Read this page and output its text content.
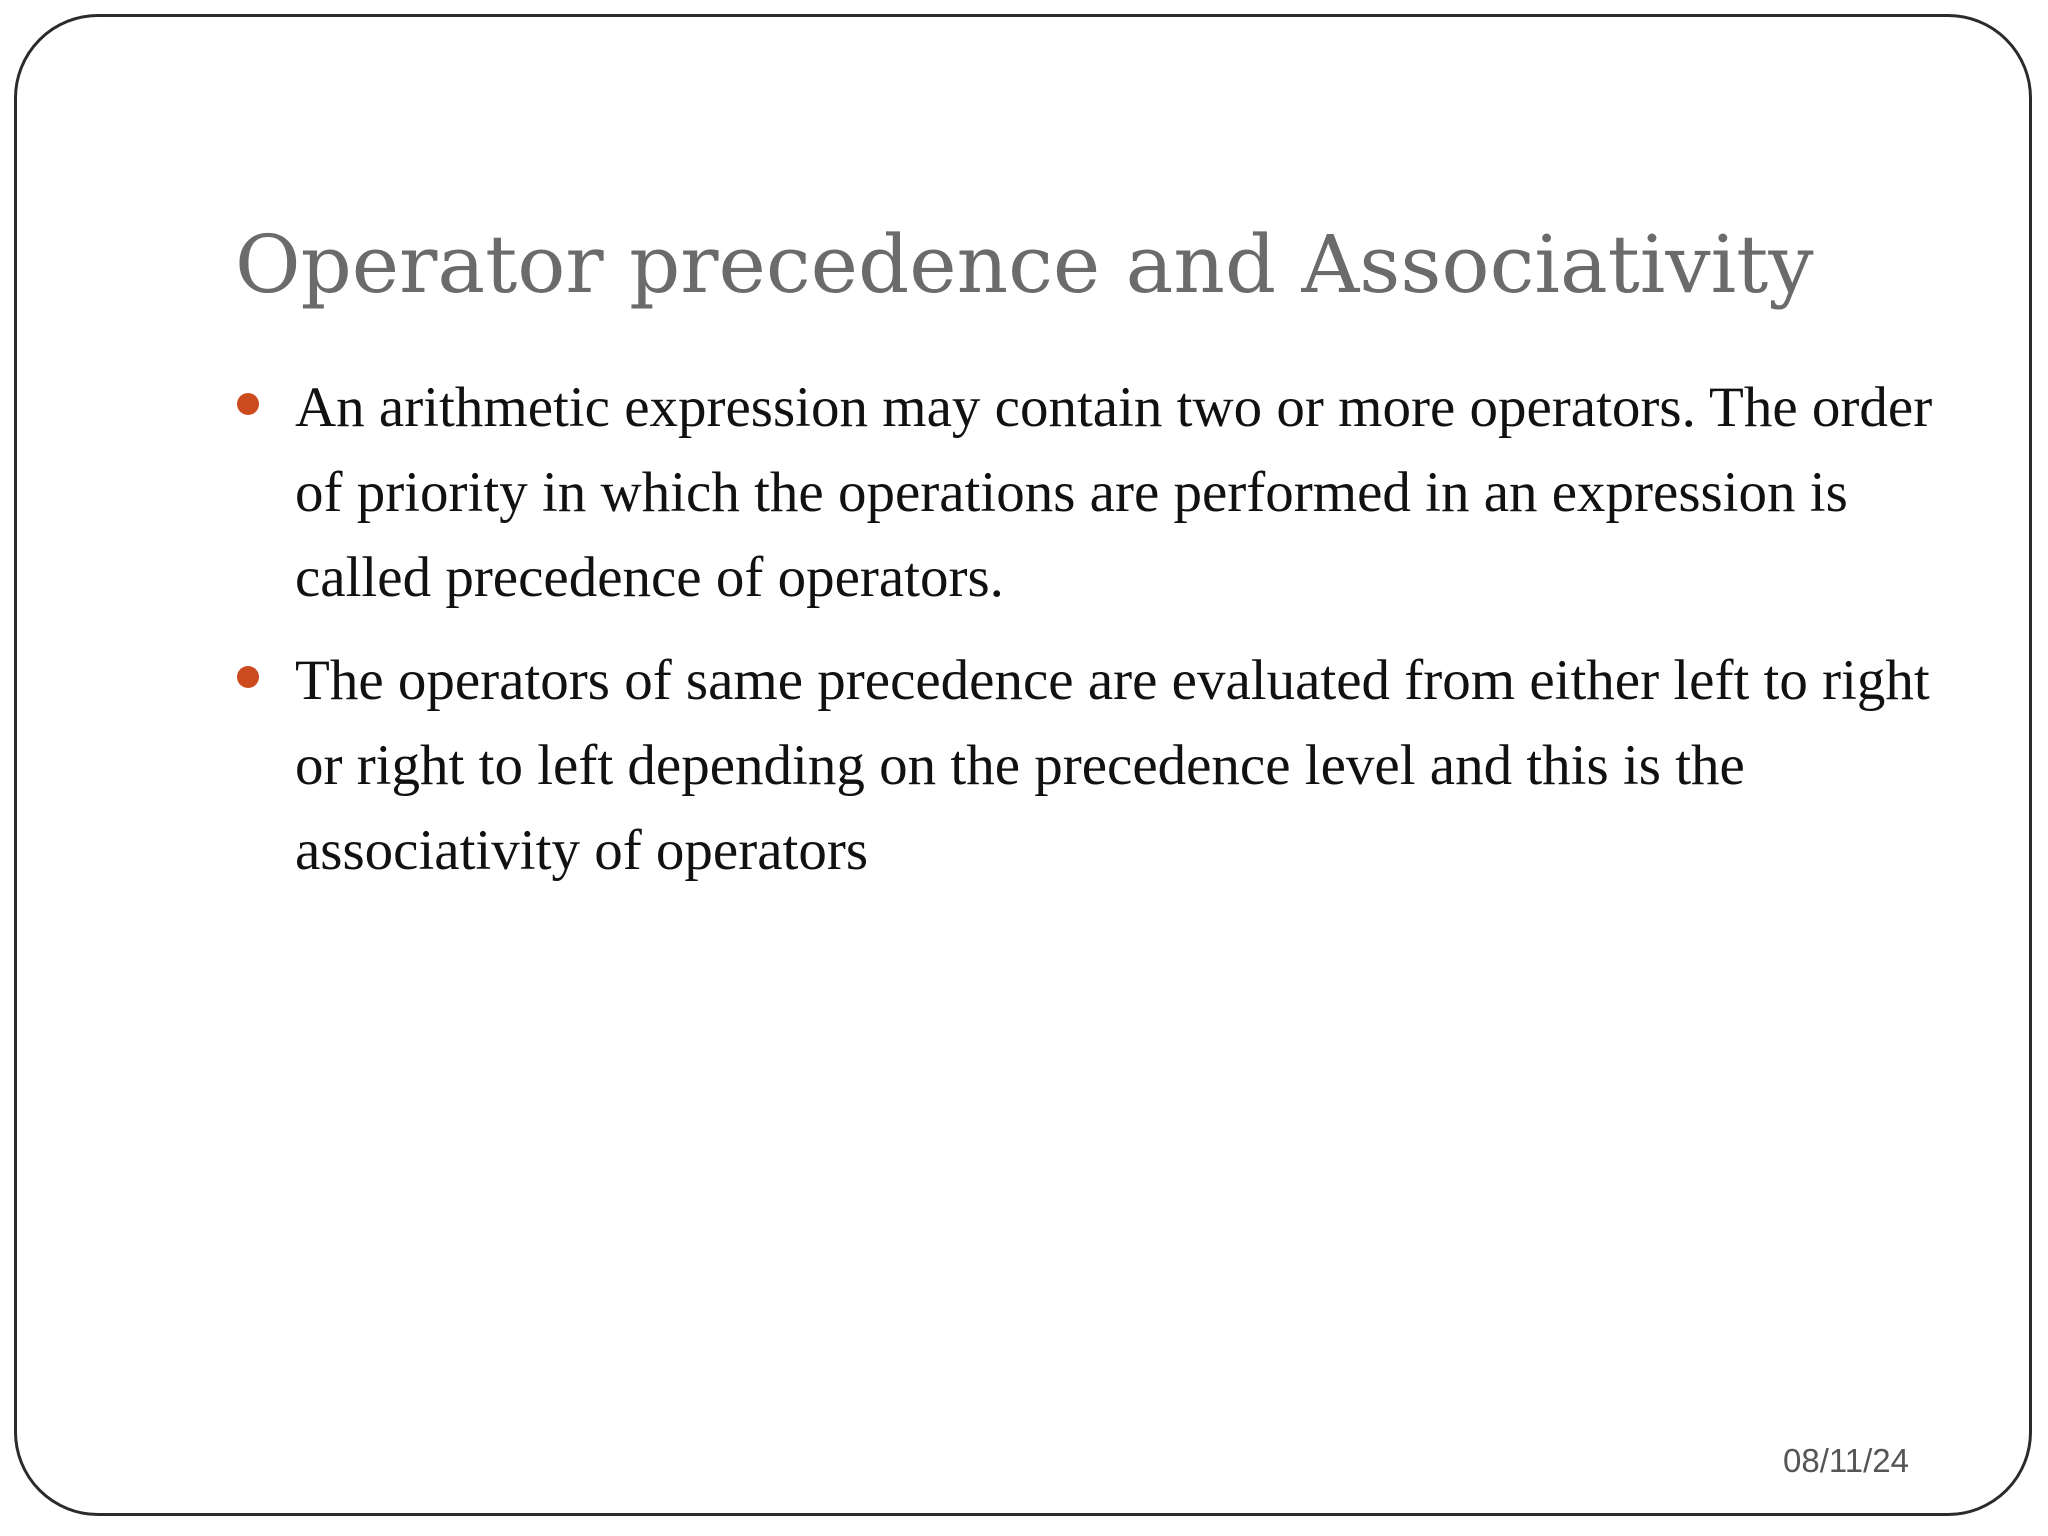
Operator precedence and Associativity
An arithmetic expression may contain two or more operators. The order of priority in which the operations are performed in an expression is called precedence of operators.
The operators of same precedence are evaluated from either left to right or right to left depending on the precedence level and this is the associativity of operators
08/11/24
